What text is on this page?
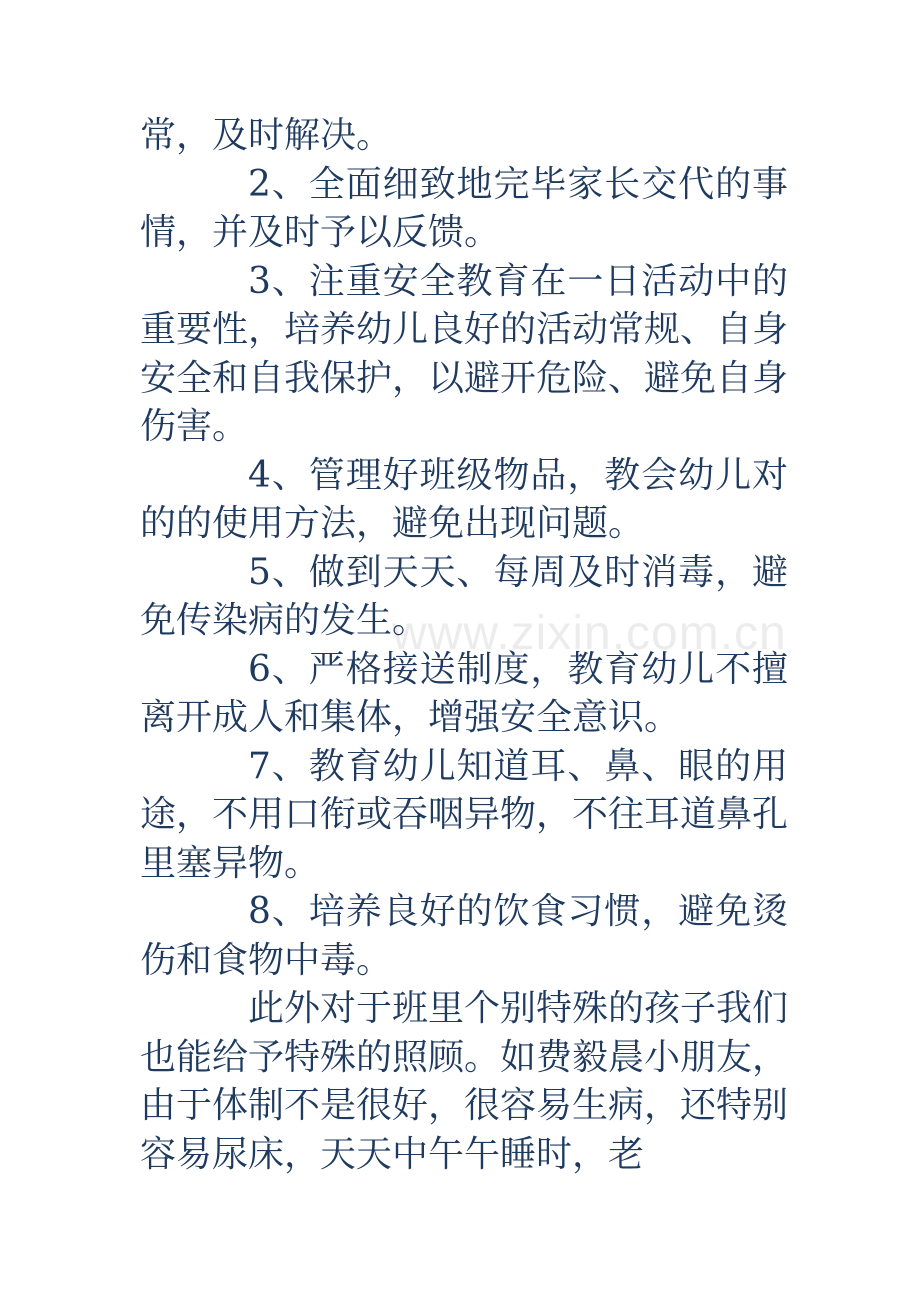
常，及时解决。

2、全面细致地完毕家长交代的事情，并及时予以反馈。

3、注重安全教育在一日活动中的重要性，培养幼儿良好的活动常规、自身安全和自我保护，以避开危险、避免自身伤害。

4、管理好班级物品，教会幼儿对的的使用方法，避免出现问题。

5、做到天天、每周及时消毒，避免传染病的发生。

6、严格接送制度，教育幼儿不擅离开成人和集体，增强安全意识。

7、教育幼儿知道耳、鼻、眼的用途，不用口衔或吞咽异物，不往耳道鼻孔里塞异物。

8、培养良好的饮食习惯，避免烫伤和食物中毒。

此外对于班里个别特殊的孩子我们也能给予特殊的照顾。如费毅晨小朋友，由于体制不是很好，很容易生病，还特别容易尿床，天天中午午睡时，老

www.zixin.com.cn
